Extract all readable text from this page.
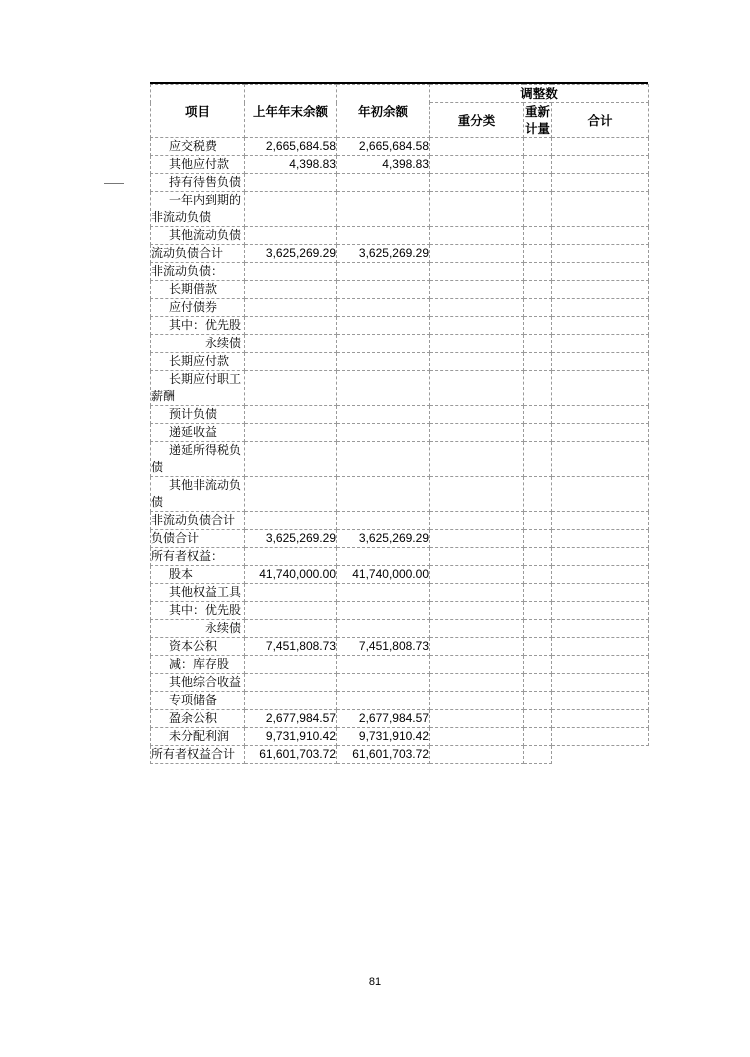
项目	上年年末余额	年初余额	调整数		
			重分类	重新计量	合计
应交税费	2,665,684.58	2,665,684.58			
其他应付款	4,398.83	4,398.83			
持有待售负债					
一年内到期的非流动负债					
其他流动负债					
流动负债合计	3,625,269.29	3,625,269.29			
非流动负债：					
长期借款					
应付债券					
其中：优先股					
永续债					
长期应付款					
长期应付职工薪酬					
预计负债					
递延收益					
递延所得税负债					
其他非流动负债					
非流动负债合计					
负债合计	3,625,269.29	3,625,269.29			
所有者权益：					
股本	41,740,000.00	41,740,000.00			
其他权益工具					
其中：优先股					
永续债					
资本公积	7,451,808.73	7,451,808.73			
减：库存股					
其他综合收益					
专项储备					
盈余公积	2,677,984.57	2,677,984.57			
未分配利润	9,731,910.42	9,731,910.42			
所有者权益合计	61,601,703.72	61,601,703.72			
81
